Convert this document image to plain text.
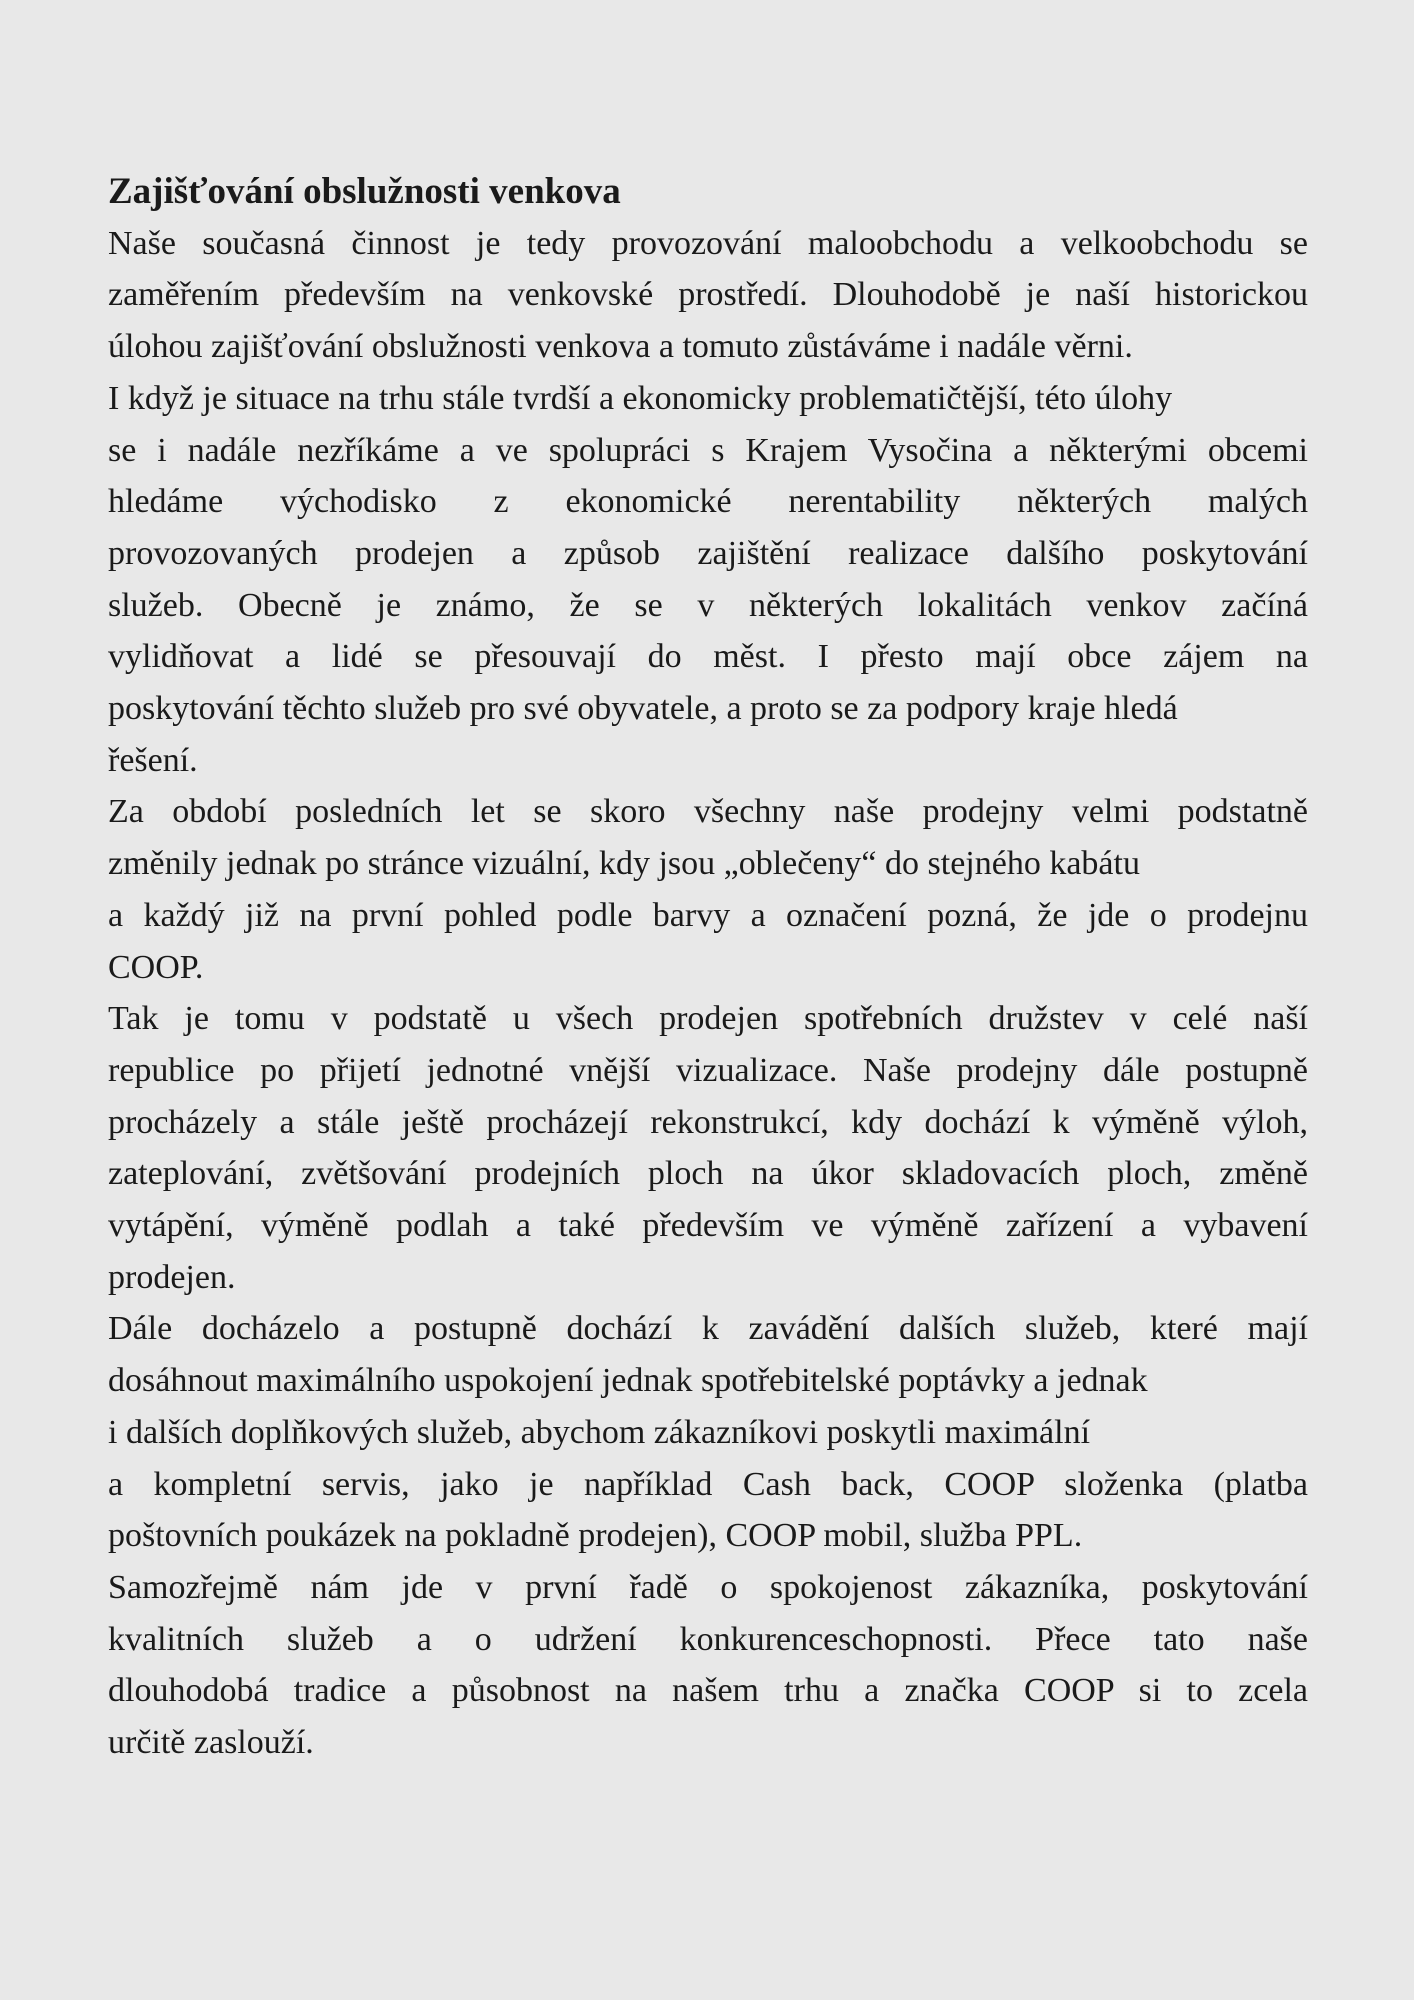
Zajišťování obslužnosti venkova
Naše současná činnost je tedy provozování maloobchodu a velkoobchodu se
zaměřením především na venkovské prostředí. Dlouhodobě je naší historickou
úlohou zajišťování obslužnosti venkova a tomuto zůstáváme i nadále věrni.
I když je situace na trhu stále tvrdší a ekonomicky problematičtější, této úlohy
se i nadále nezříkáme a ve spolupráci s Krajem Vysočina a některými obcemi
hledáme východisko z ekonomické nerentability některých malých
provozovaných prodejen a způsob zajištění realizace dalšího poskytování
služeb. Obecně je známo, že se v některých lokalitách venkov začíná
vylidňovat a lidé se přesouvají do měst. I přesto mají obce zájem na
poskytování těchto služeb pro své obyvatele, a proto se za podpory kraje hledá
řešení.
Za období posledních let se skoro všechny naše prodejny velmi podstatně
změnily jednak po stránce vizuální, kdy jsou „oblečeny“ do stejného kabátu
a každý již na první pohled podle barvy a označení pozná, že jde o prodejnu
COOP.
Tak je tomu v podstatě u všech prodejen spotřebních družstev v celé naší
republice po přijetí jednotné vnější vizualizace. Naše prodejny dále postupně
procházely a stále ještě procházejí rekonstrukcí, kdy dochází k výměně výloh,
zateplování, zvětšování prodejních ploch na úkor skladovacích ploch, změně
vytápění, výměně podlah a také především ve výměně zařízení a vybavení
prodejen.
Dále docházelo a postupně dochází k zavádění dalších služeb, které mají
dosáhnout maximálního uspokojení jednak spotřebitelské poptávky a jednak
i dalších doplňkových služeb, abychom zákazníkovi poskytli maximální
a kompletní servis, jako je například Cash back, COOP složenka (platba
poštovních poukázek na pokladně prodejen), COOP mobil, služba PPL.
Samozřejmě nám jde v první řadě o spokojenost zákazníka, poskytování
kvalitních služeb a o udržení konkurenceschopnosti. Přece tato naše
dlouhodobá tradice a působnost na našem trhu a značka COOP si to zcela
určitě zaslouží.
